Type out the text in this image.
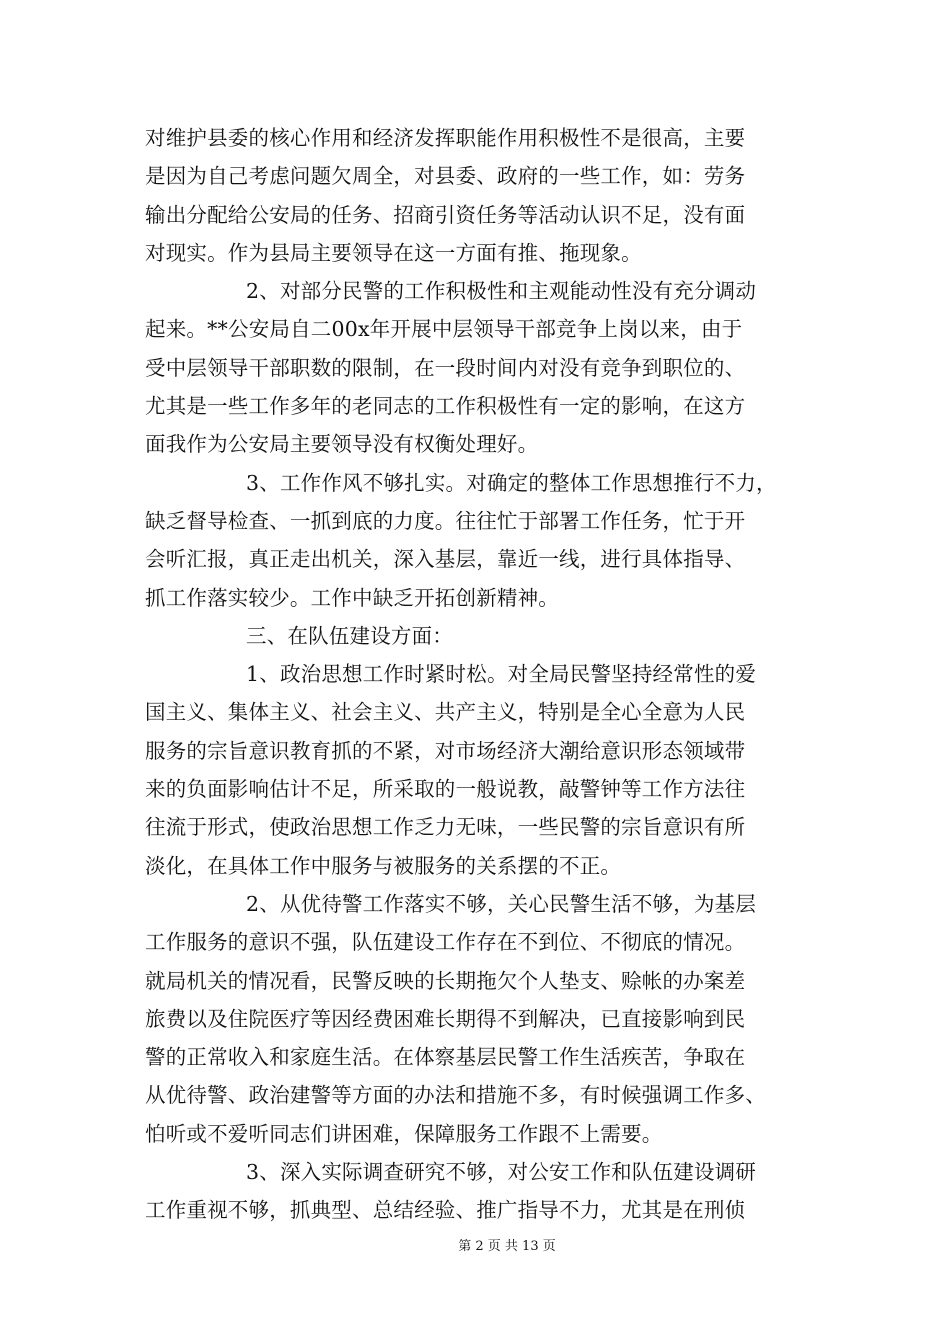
对维护县委的核心作用和经济发挥职能作用积极性不是很高，主要
是因为自己考虑问题欠周全，对县委、政府的一些工作，如：劳务
输出分配给公安局的任务、招商引资任务等活动认识不足，没有面
对现实。作为县局主要领导在这一方面有推、拖现象。
2、对部分民警的工作积极性和主观能动性没有充分调动
起来。**公安局自二00x年开展中层领导干部竞争上岗以来，由于
受中层领导干部职数的限制，在一段时间内对没有竞争到职位的、
尤其是一些工作多年的老同志的工作积极性有一定的影响，在这方
面我作为公安局主要领导没有权衡处理好。
3、工作作风不够扎实。对确定的整体工作思想推行不力，
缺乏督导检查、一抓到底的力度。往往忙于部署工作任务，忙于开
会听汇报，真正走出机关，深入基层，靠近一线，进行具体指导、
抓工作落实较少。工作中缺乏开拓创新精神。
三、在队伍建设方面：
1、政治思想工作时紧时松。对全局民警坚持经常性的爱
国主义、集体主义、社会主义、共产主义，特别是全心全意为人民
服务的宗旨意识教育抓的不紧，对市场经济大潮给意识形态领域带
来的负面影响估计不足，所采取的一般说教，敲警钟等工作方法往
往流于形式，使政治思想工作乏力无味，一些民警的宗旨意识有所
淡化，在具体工作中服务与被服务的关系摆的不正。
2、从优待警工作落实不够，关心民警生活不够，为基层
工作服务的意识不强，队伍建设工作存在不到位、不彻底的情况。
就局机关的情况看，民警反映的长期拖欠个人垫支、赊帐的办案差
旅费以及住院医疗等因经费困难长期得不到解决，已直接影响到民
警的正常收入和家庭生活。在体察基层民警工作生活疾苦，争取在
从优待警、政治建警等方面的办法和措施不多，有时候强调工作多、
怕听或不爱听同志们讲困难，保障服务工作跟不上需要。
3、深入实际调查研究不够，对公安工作和队伍建设调研
工作重视不够，抓典型、总结经验、推广指导不力，尤其是在刑侦
第 2 页 共 13 页
